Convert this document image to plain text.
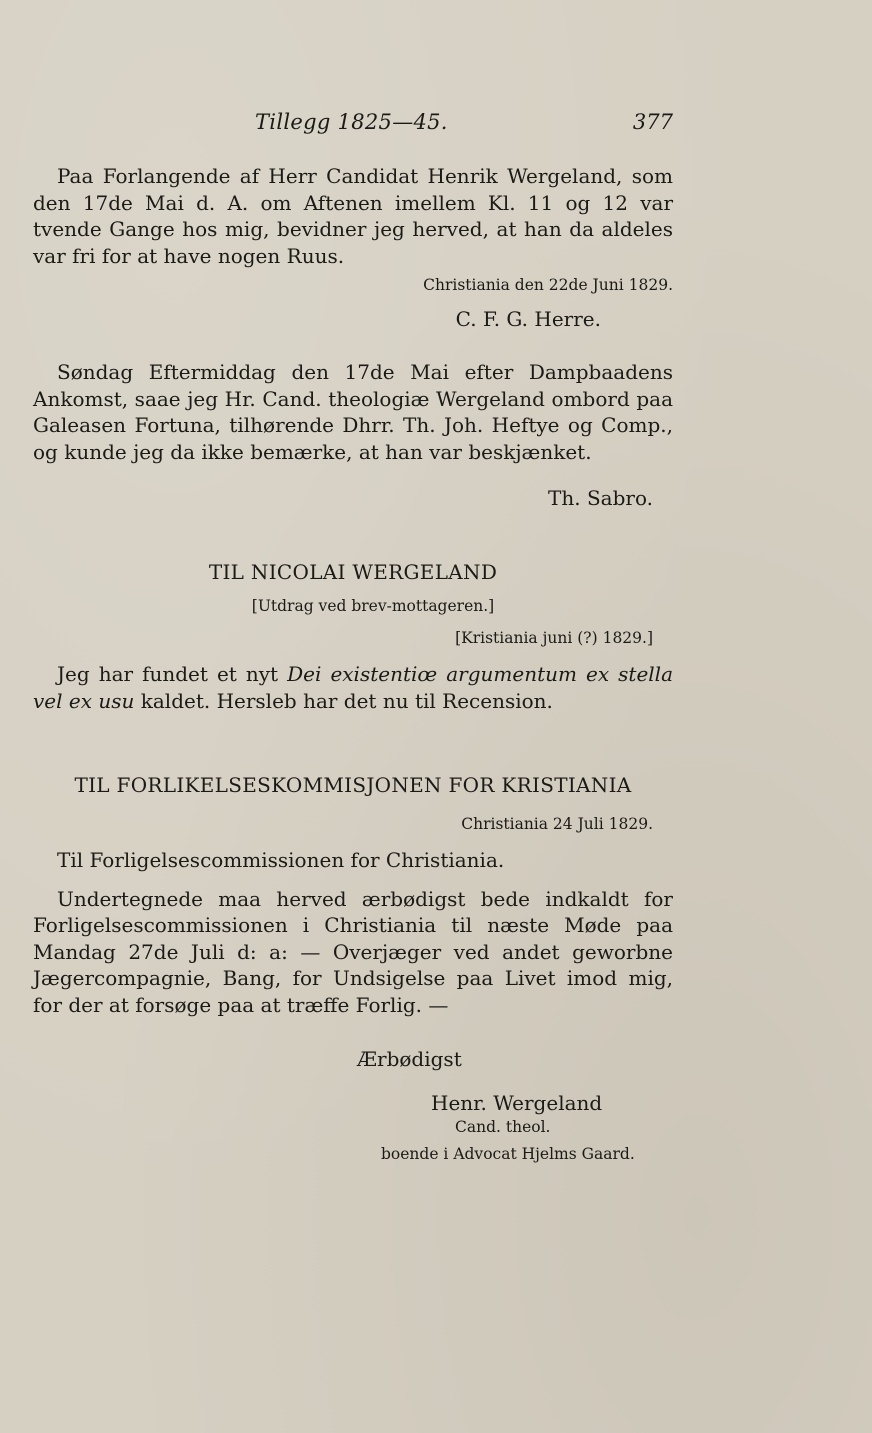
Tillegg 1825—45.	377

Paa Forlangende af Herr Candidat Henrik Wergeland, som den 17de Mai d. A. om Aftenen imellem Kl. 11 og 12 var tvende Gange hos mig, bevidner jeg herved, at han da aldeles var fri for at have nogen Ruus.

Christiania den 22de Juni 1829.

C. F. G. Herre.

Søndag Eftermiddag den 17de Mai efter Dampbaadens Ankomst, saae jeg Hr. Cand. theologiæ Wergeland ombord paa Galeasen Fortuna, tilhørende Dhrr. Th. Joh. Heftye og Comp., og kunde jeg da ikke bemærke, at han var beskjænket.

Th. Sabro.

TIL NICOLAI WERGELAND
[Utdrag ved brev-mottageren.]

[Kristiania juni (?) 1829.]

Jeg har fundet et nyt Dei existentiœ argumentum ex stella vel ex usu kaldet. Hersleb har det nu til Recension.

TIL FORLIKELSESKOMMISJONEN FOR KRISTIANIA

Christiania 24 Juli 1829.

Til Forligelsescommissionen for Christiania.

Undertegnede maa herved ærbødigst bede indkaldt for Forligelsescommissionen i Christiania til næste Møde paa Mandag 27de Juli d: a: — Overjæger ved andet geworbne Jægercompagnie, Bang, for Undsigelse paa Livet imod mig, for der at forsøge paa at træffe Forlig. —

Ærbødigst
Henr. Wergeland
Cand. theol.
boende i Advocat Hjelms Gaard.
